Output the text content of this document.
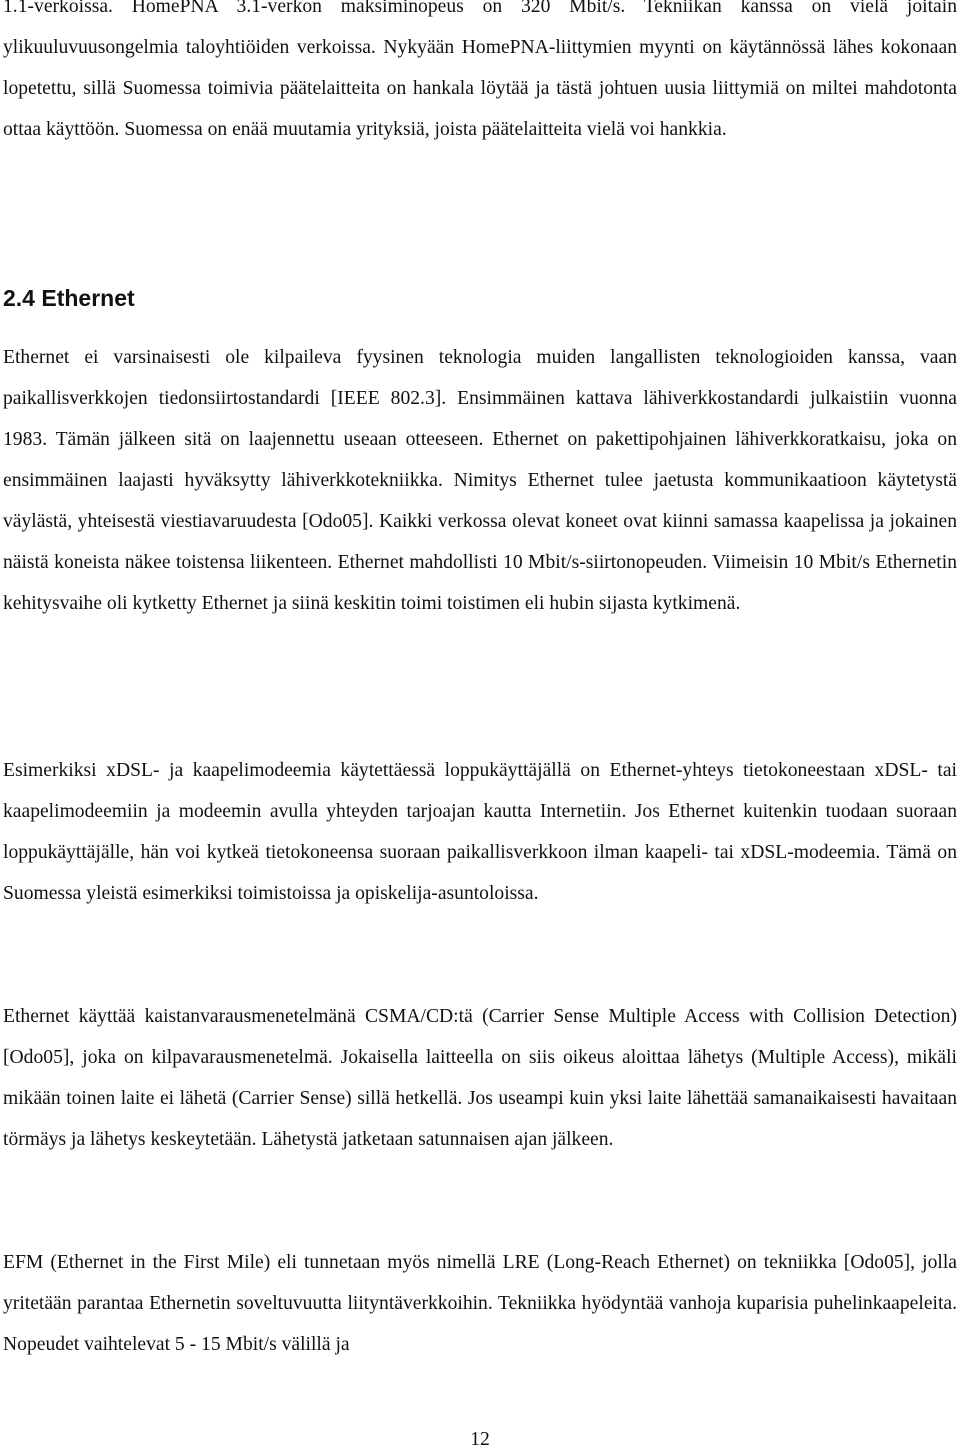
1.1-verkoissa. HomePNA 3.1-verkon maksiminopeus on 320 Mbit/s. Tekniikan kanssa on vielä joitain ylikuuluvuusongelmia taloyhtiöiden verkoissa. Nykyään HomePNA-liittymien myynti on käytännössä lähes kokonaan lopetettu, sillä Suomessa toimivia päätelaitteita on hankala löytää ja tästä johtuen uusia liittymiä on miltei mahdotonta ottaa käyttöön. Suomessa on enää muutamia yrityksiä, joista päätelaitteita vielä voi hankkia.

2.4 Ethernet

Ethernet ei varsinaisesti ole kilpaileva fyysinen teknologia muiden langallisten teknologioiden kanssa, vaan paikallisverkkojen tiedonsiirtostandardi [IEEE 802.3]. Ensimmäinen kattava lähiverkkostandardi julkaistiin vuonna 1983. Tämän jälkeen sitä on laajennettu useaan otteeseen. Ethernet on pakettipohjainen lähiverkkoratkaisu, joka on ensimmäinen laajasti hyväksytty lähiverkkotekniikka. Nimitys Ethernet tulee jaetusta kommunikaatioon käytetystä väylästä, yhteisestä viestiavaruudesta [Odo05]. Kaikki verkossa olevat koneet ovat kiinni samassa kaapelissa ja jokainen näistä koneista näkee toistensa liikenteen. Ethernet mahdollisti 10 Mbit/s-siirtonopeuden. Viimeisin 10 Mbit/s Ethernetin kehitysvaihe oli kytketty Ethernet ja siinä keskitin toimi toistimen eli hubin sijasta kytkimenä.

Esimerkiksi xDSL- ja kaapelimodeemia käytettäessä loppukäyttäjällä on Ethernet-yhteys tietokoneestaan xDSL- tai kaapelimodeemiin ja modeemin avulla yhteyden tarjoajan kautta Internetiin. Jos Ethernet kuitenkin tuodaan suoraan loppukäyttäjälle, hän voi kytkeä tietokoneensa suoraan paikallisverkkoon ilman kaapeli- tai xDSL-modeemia. Tämä on Suomessa yleistä esimerkiksi toimistoissa ja opiskelija-asuntoloissa.

Ethernet käyttää kaistanvarausmenetelmänä CSMA/CD:tä (Carrier Sense Multiple Access with Collision Detection) [Odo05], joka on kilpavarausmenetelmä. Jokaisella laitteella on siis oikeus aloittaa lähetys (Multiple Access), mikäli mikään toinen laite ei lähetä (Carrier Sense) sillä hetkellä. Jos useampi kuin yksi laite lähettää samanaikaisesti havaitaan törmäys ja lähetys keskeytetään. Lähetystä jatketaan satunnaisen ajan jälkeen.

EFM (Ethernet in the First Mile) eli tunnetaan myös nimellä LRE (Long-Reach Ethernet) on tekniikka [Odo05], jolla yritetään parantaa Ethernetin soveltuvuutta liityntäverkkoihin. Tekniikka hyödyntää vanhoja kuparisia puhelinkaapeleita. Nopeudet vaihtelevat 5 - 15 Mbit/s välillä ja

12
